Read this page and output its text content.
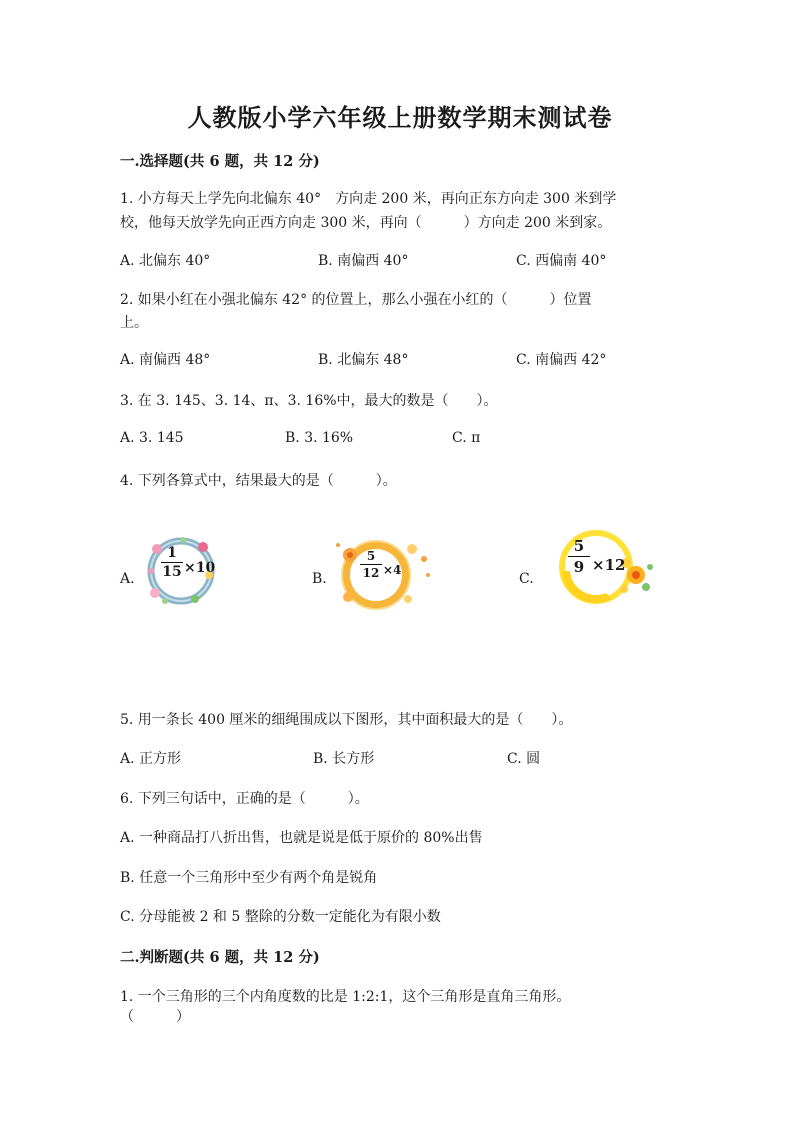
人教版小学六年级上册数学期末测试卷
一.选择题(共 6 题，共 12 分)
1. 小方每天上学先向北偏东 40°　方向走 200 米，再向正东方向走 300 米到学
校，他每天放学先向正西方向走 300 米，再向（　　　）方向走 200 米到家。
A. 北偏东 40°	B. 南偏西 40°	C. 西偏南 40°
2. 如果小红在小强北偏东 42° 的位置上，那么小强在小红的（　　　）位置
上。
A. 南偏西 48°	B. 北偏东 48°	C. 南偏西 42°
3. 在 3. 145、3. 14、π、3. 16%中，最大的数是（　　）。
A. 3. 145	B. 3. 16%	C. π
4. 下列各算式中，结果最大的是（　　　）。
A.
1
15 ×10
B.
5
12 ×4
C.
5
9 ×12
5. 用一条长 400 厘米的细绳围成以下图形，其中面积最大的是（　　）。
A. 正方形	B. 长方形	C. 圆
6. 下列三句话中，正确的是（　　　）。
A. 一种商品打八折出售，也就是说是低于原价的 80%出售
B. 任意一个三角形中至少有两个角是锐角
C. 分母能被 2 和 5 整除的分数一定能化为有限小数
二.判断题(共 6 题，共 12 分)
1. 一个三角形的三个内角度数的比是 1:2:1，这个三角形是直角三角形。
（　　　）
